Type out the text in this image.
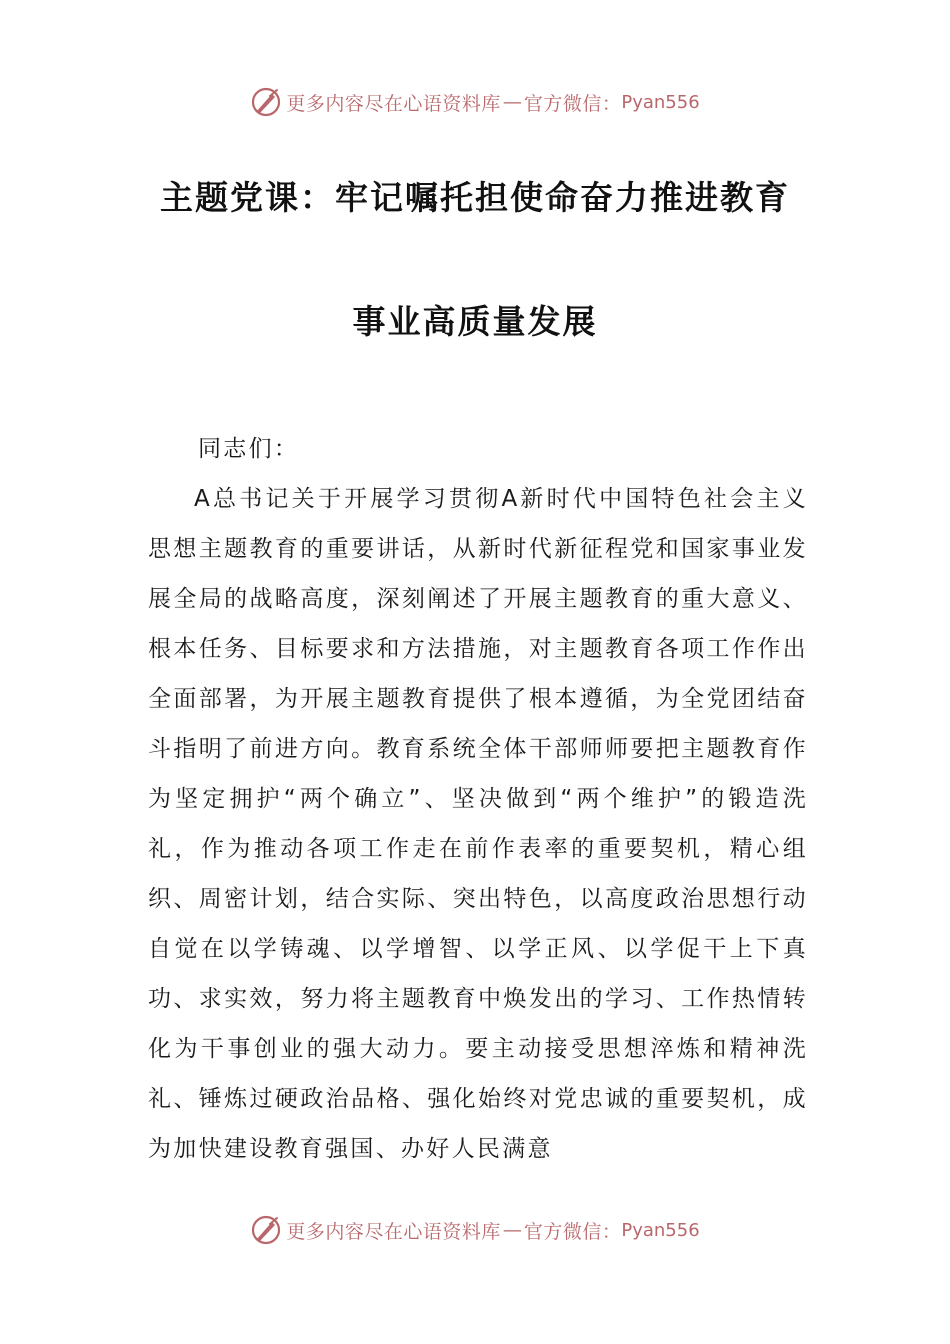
更多内容尽在心语资料库 — 官方微信： Pyan556
主题党课：牢记嘱托担使命奋力推进教育
事业高质量发展

同志们：

A总书记关于开展学习贯彻A新时代中国特色社会主义思想主题教育的重要讲话，从新时代新征程党和国家事业发展全局的战略高度，深刻阐述了开展主题教育的重大意义、根本任务、目标要求和方法措施，对主题教育各项工作作出全面部署，为开展主题教育提供了根本遵循，为全党团结奋斗指明了前进方向。教育系统全体干部师师要把主题教育作为坚定拥护“两个确立”、坚决做到“两个维护”的锻造洗礼，作为推动各项工作走在前作表率的重要契机，精心组织、周密计划，结合实际、突出特色，以高度政治思想行动自觉在以学铸魂、以学增智、以学正风、以学促干上下真功、求实效，努力将主题教育中焕发出的学习、工作热情转化为干事创业的强大动力。要主动接受思想淬炼和精神洗礼、锤炼过硬政治品格、强化始终对党忠诚的重要契机，成为加快建设教育强国、办好人民满意

更多内容尽在心语资料库 — 官方微信： Pyan556
